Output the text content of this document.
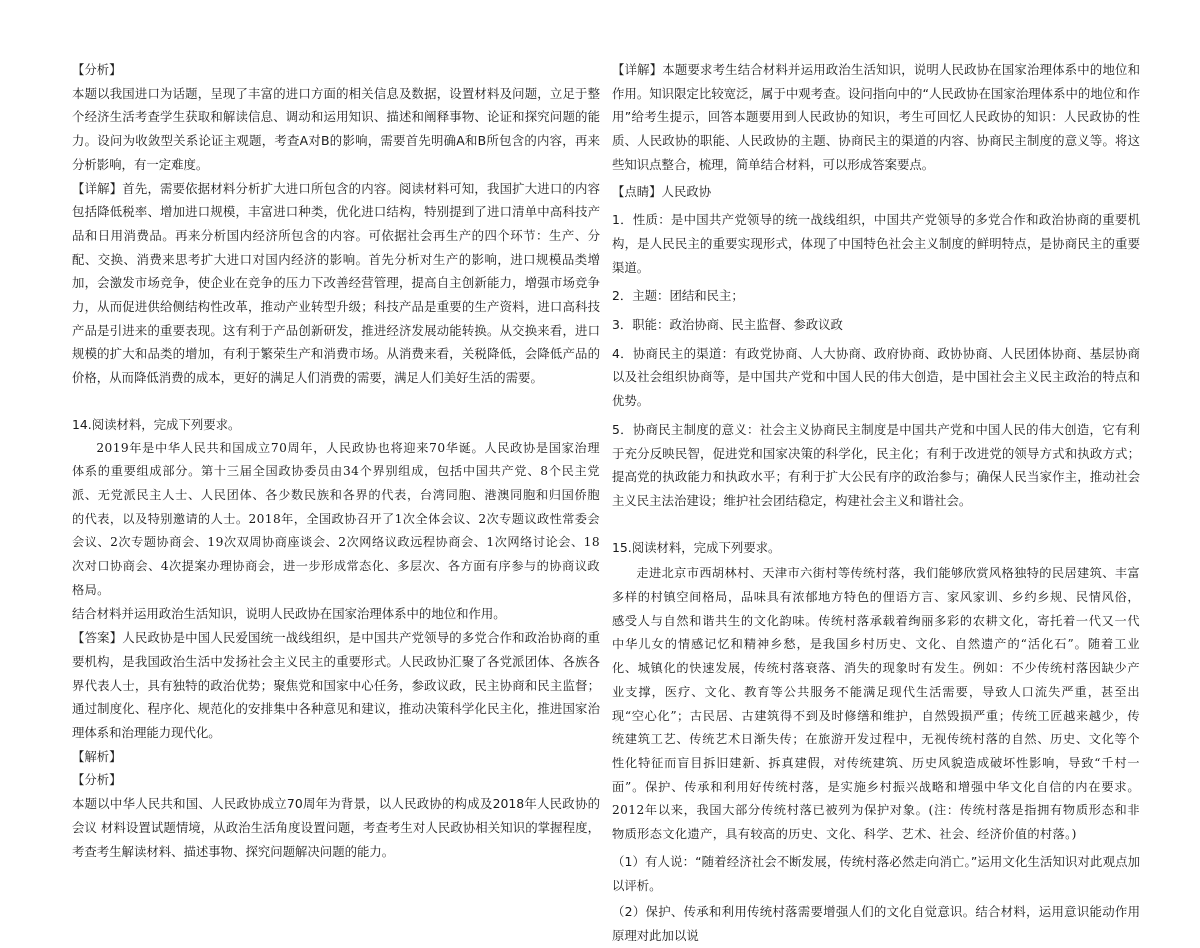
【分析】

本题以我国进口为话题，呈现了丰富的进口方面的相关信息及数据，设置材料及问题，立足于整个经济生活考查学生获取和解读信息、调动和运用知识、描述和阐释事物、论证和探究问题的能力。设问为收敛型关系论证主观题，考查A对B的影响，需要首先明确A和B所包含的内容，再来分析影响，有一定难度。

【详解】首先，需要依据材料分析扩大进口所包含的内容。阅读材料可知，我国扩大进口的内容包括降低税率、增加进口规模，丰富进口种类，优化进口结构，特别提到了进口清单中高科技产品和日用消费品。再来分析国内经济所包含的内容。可依据社会再生产的四个环节：生产、分配、交换、消费来思考扩大进口对国内经济的影响。首先分析对生产的影响，进口规模品类增加，会激发市场竞争，使企业在竞争的压力下改善经营管理，提高自主创新能力，增强市场竞争力，从而促进供给侧结构性改革，推动产业转型升级；科技产品是重要的生产资料，进口高科技产品是引进来的重要表现。这有利于产品创新研发，推进经济发展动能转换。从交换来看，进口规模的扩大和品类的增加，有利于繁荣生产和消费市场。从消费来看，关税降低，会降低产品的价格，从而降低消费的成本，更好的满足人们消费的需要，满足人们美好生活的需要。

14.阅读材料，完成下列要求。

2019年是中华人民共和国成立70周年，人民政协也将迎来70华诞。人民政协是国家治理体系的重要组成部分。第十三届全国政协委员由34个界别组成，包括中国共产党、8个民主党派、无党派民主人士、人民团体、各少数民族和各界的代表，台湾同胞、港澳同胞和归国侨胞的代表，以及特别邀请的人士。2018年，全国政协召开了1次全体会议、2次专题议政性常委会会议、2次专题协商会、19次双周协商座谈会、2次网络议政远程协商会、1次网络讨论会、18次对口协商会、4次提案办理协商会，进一步形成常态化、多层次、各方面有序参与的协商议政格局。

结合材料并运用政治生活知识，说明人民政协在国家治理体系中的地位和作用。

【答案】人民政协是中国人民爱国统一战线组织，是中国共产党领导的多党合作和政治协商的重要机构，是我国政治生活中发扬社会主义民主的重要形式。人民政协汇聚了各党派团体、各族各界代表人士，具有独特的政治优势；聚焦党和国家中心任务，参政议政，民主协商和民主监督；通过制度化、程序化、规范化的安排集中各种意见和建议，推动决策科学化民主化，推进国家治理体系和治理能力现代化。

【解析】

【分析】

本题以中华人民共和国、人民政协成立70周年为背景，以人民政协的构成及2018年人民政协的会议 材料设置试题情境，从政治生活角度设置问题，考查考生对人民政协相关知识的掌握程度，考查考生解读材料、描述事物、探究问题解决问题的能力。

【详解】本题要求考生结合材料并运用政治生活知识，说明人民政协在国家治理体系中的地位和作用。知识限定比较宽泛，属于中观考查。设问指向中的“人民政协在国家治理体系中的地位和作用”给考生提示，回答本题要用到人民政协的知识，考生可回忆人民政协的知识：人民政协的性质、人民政协的职能、人民政协的主题、协商民主的渠道的内容、协商民主制度的意义等。将这些知识点整合，梳理，简单结合材料，可以形成答案要点。

【点睛】人民政协

1．性质：是中国共产党领导的统一战线组织，中国共产党领导的多党合作和政治协商的重要机构，是人民民主的重要实现形式，体现了中国特色社会主义制度的鲜明特点，是协商民主的重要渠道。

2．主题：团结和民主；

3．职能：政治协商、民主监督、参政议政

4．协商民主的渠道：有政党协商、人大协商、政府协商、政协协商、人民团体协商、基层协商以及社会组织协商等，是中国共产党和中国人民的伟大创造，是中国社会主义民主政治的特点和优势。

5．协商民主制度的意义：社会主义协商民主制度是中国共产党和中国人民的伟大创造，它有利于充分反映民智，促进党和国家决策的科学化，民主化；有利于改进党的领导方式和执政方式；提高党的执政能力和执政水平；有利于扩大公民有序的政治参与；确保人民当家作主，推动社会主义民主法治建设；维护社会团结稳定，构建社会主义和谐社会。

15.阅读材料，完成下列要求。

走进北京市西胡林村、天津市六街村等传统村落，我们能够欣赏风格独特的民居建筑、丰富多样的村镇空间格局，品味具有浓郁地方特色的俚语方言、家风家训、乡约乡规、民情风俗，感受人与自然和谐共生的文化韵味。传统村落承载着绚丽多彩的农耕文化，寄托着一代又一代中华儿女的情感记忆和精神乡愁，是我国乡村历史、文化、自然遗产的“活化石”。随着工业化、城镇化的快速发展，传统村落衰落、消失的现象时有发生。例如：不少传统村落因缺少产业支撑，医疗、文化、教育等公共服务不能满足现代生活需要，导致人口流失严重，甚至出现“空心化”；古民居、古建筑得不到及时修缮和维护，自然毁损严重；传统工匠越来越少，传统建筑工艺、传统艺术日渐失传；在旅游开发过程中，无视传统村落的自然、历史、文化等个性化特征而盲目拆旧建新、拆真建假，对传统建筑、历史风貌造成破坏性影响，导致“千村一面”。保护、传承和利用好传统村落，是实施乡村振兴战略和增强中华文化自信的内在要求。2012年以来，我国大部分传统村落已被列为保护对象。(注：传统村落是指拥有物质形态和非物质形态文化遗产，具有较高的历史、文化、科学、艺术、社会、经济价值的村落。)

（1）有人说：“随着经济社会不断发展，传统村落必然走向消亡。”运用文化生活知识对此观点加以评析。

（2）保护、传承和利用传统村落需要增强人们的文化自觉意识。结合材料，运用意识能动作用原理对此加以说
